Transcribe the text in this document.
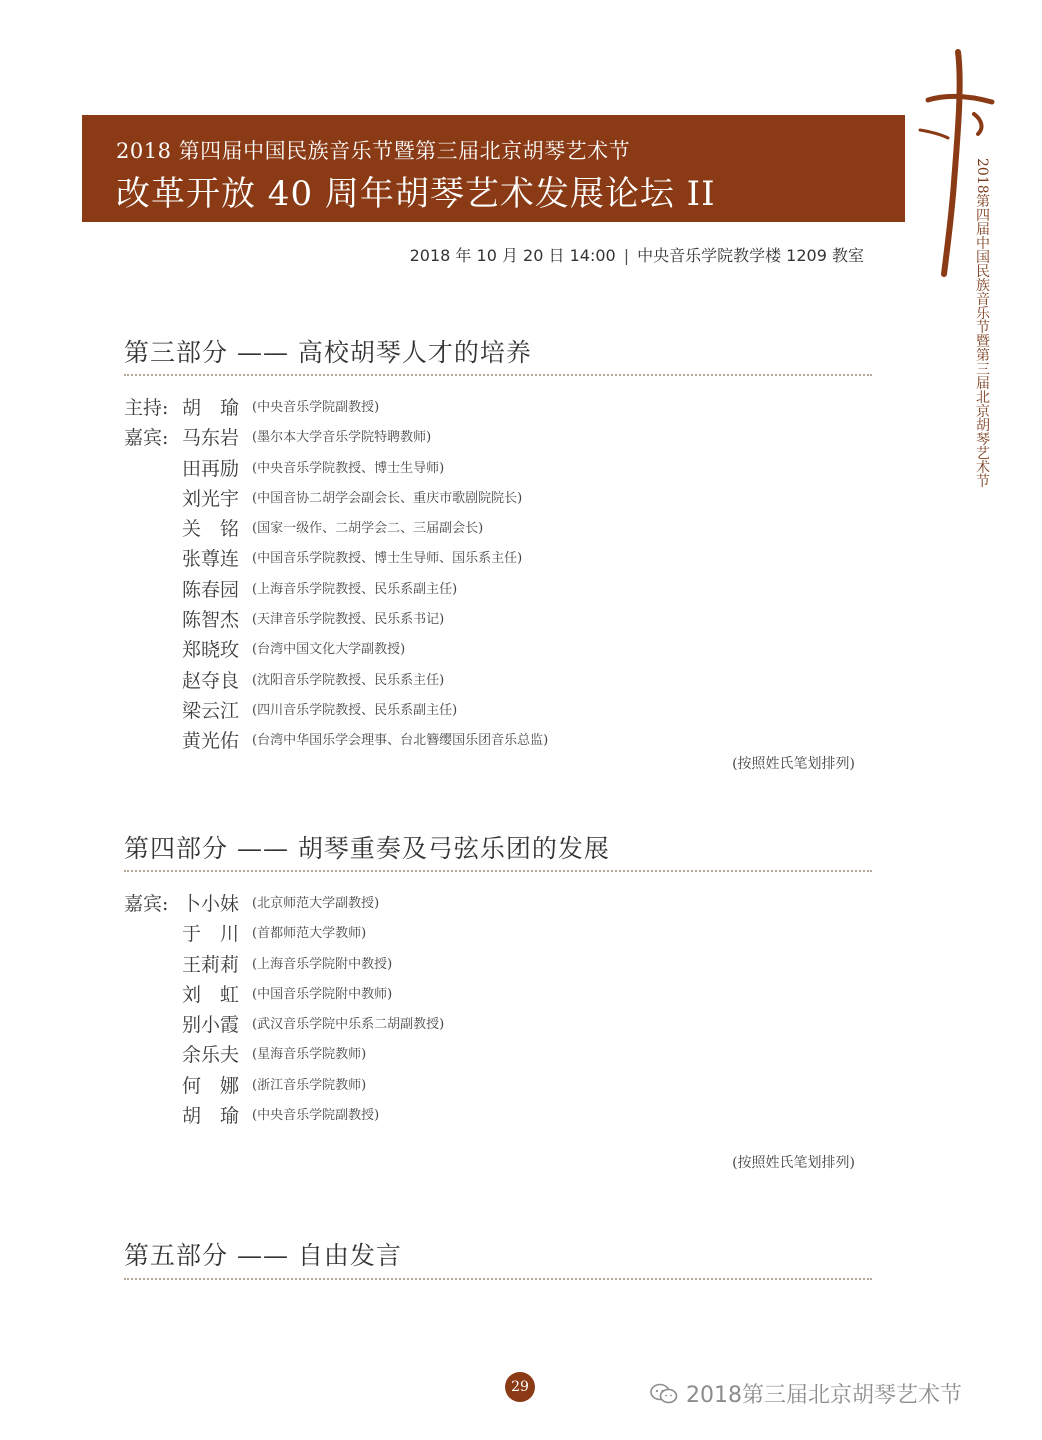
2018第四届中国民族音乐节暨第三届北京胡琴艺术节
2018 第四届中国民族音乐节暨第三届北京胡琴艺术节
改革开放 40 周年胡琴艺术发展论坛 II
2018 年 10 月 20 日 14:00 | 中央音乐学院教学楼 1209 教室
第三部分 —— 高校胡琴人才的培养
主持: 胡　瑜 (中央音乐学院副教授)
嘉宾: 马东岩 (墨尔本大学音乐学院特聘教师)
田再励 (中央音乐学院教授、博士生导师)
刘光宇 (中国音协二胡学会副会长、重庆市歌剧院院长)
关　铭 (国家一级作、二胡学会二、三届副会长)
张尊连 (中国音乐学院教授、博士生导师、国乐系主任)
陈春园 (上海音乐学院教授、民乐系副主任)
陈智杰 (天津音乐学院教授、民乐系书记)
郑晓玫 (台湾中国文化大学副教授)
赵夺良 (沈阳音乐学院教授、民乐系主任)
梁云江 (四川音乐学院教授、民乐系副主任)
黄光佑 (台湾中华国乐学会理事、台北簪缨国乐团音乐总监)
(按照姓氏笔划排列)
第四部分 —— 胡琴重奏及弓弦乐团的发展
嘉宾: 卜小妹 (北京师范大学副教授)
于　川 (首都师范大学教师)
王莉莉 (上海音乐学院附中教授)
刘　虹 (中国音乐学院附中教师)
别小霞 (武汉音乐学院中乐系二胡副教授)
余乐夫 (星海音乐学院教师)
何　娜 (浙江音乐学院教师)
胡　瑜 (中央音乐学院副教授)
(按照姓氏笔划排列)
第五部分 —— 自由发言
29	2018第三届北京胡琴艺术节
